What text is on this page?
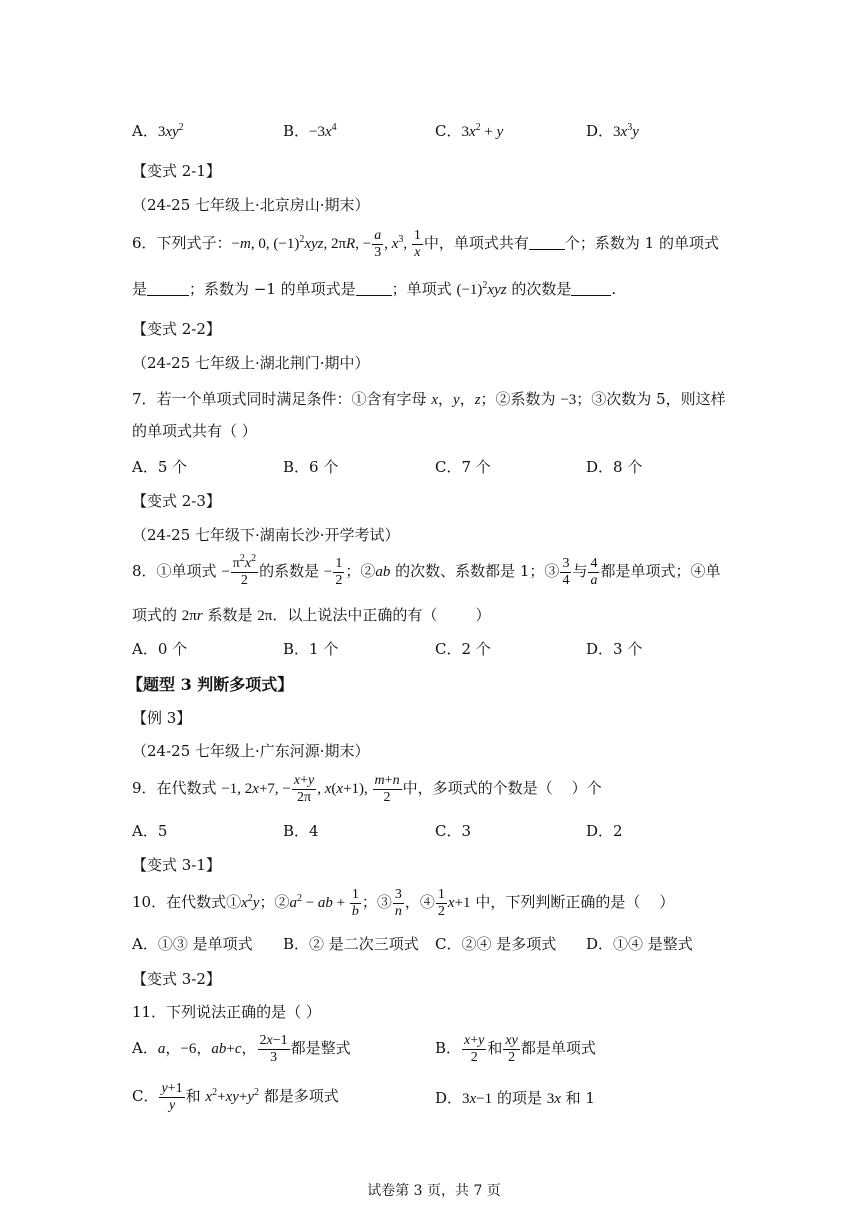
A．$3xy^2$	B．$-3x^4$	C．$3x^2 + y$	D．$3x^3y$
【变式 2-1】
（24-25 七年级上·北京房山·期末）
6．下列式子：−m, 0, $(-1)^2xyz$, 2πR, − $\frac{a}{3}$ , $x^3$, $\frac{1}{x}$ 中，单项式共有 个；系数为 1 的单项式
是	；系数为 −1 的单项式是 ；单项式 $(-1)^2xyz$ 的次数是	.
【变式 2-2】
（24-25 七年级上·湖北荆门·期中）
7．若一个单项式同时满足条件：①含有字母 x，y，z；②系数为 −3；③次数为 5，则这样
的单项式共有（ ）
A．5 个	B．6 个	C．7 个	D．8 个
【变式 2-3】
（24-25 七年级下·湖南长沙·开学考试）
8．①单项式 − $\frac{\pi^2x^2}{2}$ 的系数是 − $\frac{1}{2}$ ；②ab 的次数、系数都是 1；③ $\frac{3}{4}$ 与 $\frac{4}{a}$ 都是单项式；④单
项式的 2πr 系数是 2π．以上说法中正确的有（        ）
A．0 个	B．1 个	C．2 个	D．3 个
【题型 3 判断多项式】
【例 3】
（24-25 七年级上·广东河源·期末）
9．在代数式 −1, 2x+7, − $\frac{x+y}{2\pi}$ , x(x+1), $\frac{m+n}{2}$ 中，多项式的个数是（    ）个
A．5	B．4	C．3	D．2
【变式 3-1】
10．在代数式$①x^2y$；$②a^2$ − ab + $\frac{1}{b}$ ；③ $\frac{3}{n}$ ，④ $\frac{1}{2} x+1$ 中，下列判断正确的是（    ）
A．①③ 是单项式 B．② 是二次三项式 C．②④ 是多项式 D．①④ 是整式
【变式 3-2】
11．下列说法正确的是（ ）
A．a，−6，ab+c， $\frac{2x-1}{3}$ 都是整式	B． $\frac{x+y}{2}$ 和 $\frac{xy}{2}$ 都是单项式
C． $\frac{y+1}{y}$ 和 $x^2+xy+y^2$ 都是多项式	D．3x−1 的项是 3x 和 1
试卷第 3 页，共 7 页
